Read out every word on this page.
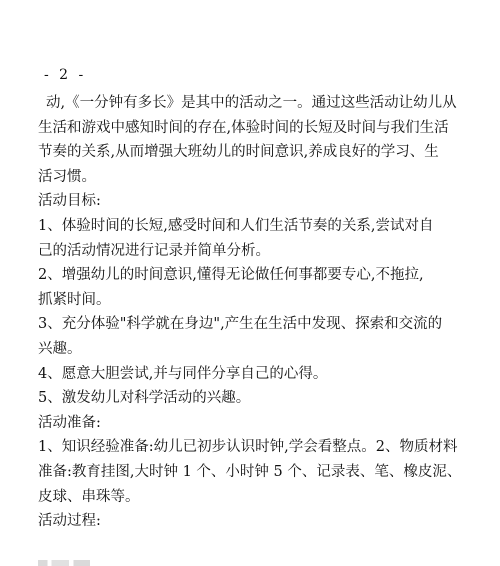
- 2 -
动,《一分钟有多长》是其中的活动之一。通过这些活动让幼儿从
生活和游戏中感知时间的存在,体验时间的长短及时间与我们生活
节奏的关系,从而增强大班幼儿的时间意识,养成良好的学习、生
活习惯。
活动目标:
1、体验时间的长短,感受时间和人们生活节奏的关系,尝试对自
己的活动情况进行记录并简单分析。
2、增强幼儿的时间意识,懂得无论做任何事都要专心,不拖拉,
抓紧时间。
3、充分体验"科学就在身边",产生在生活中发现、探索和交流的
兴趣。
4、愿意大胆尝试,并与同伴分享自己的心得。
5、激发幼儿对科学活动的兴趣。
活动准备:
1、知识经验准备:幼儿已初步认识时钟,学会看整点。2、物质材料
准备:教育挂图,大时钟 1 个、小时钟 5 个、记录表、笔、橡皮泥、
皮球、串珠等。
活动过程:
